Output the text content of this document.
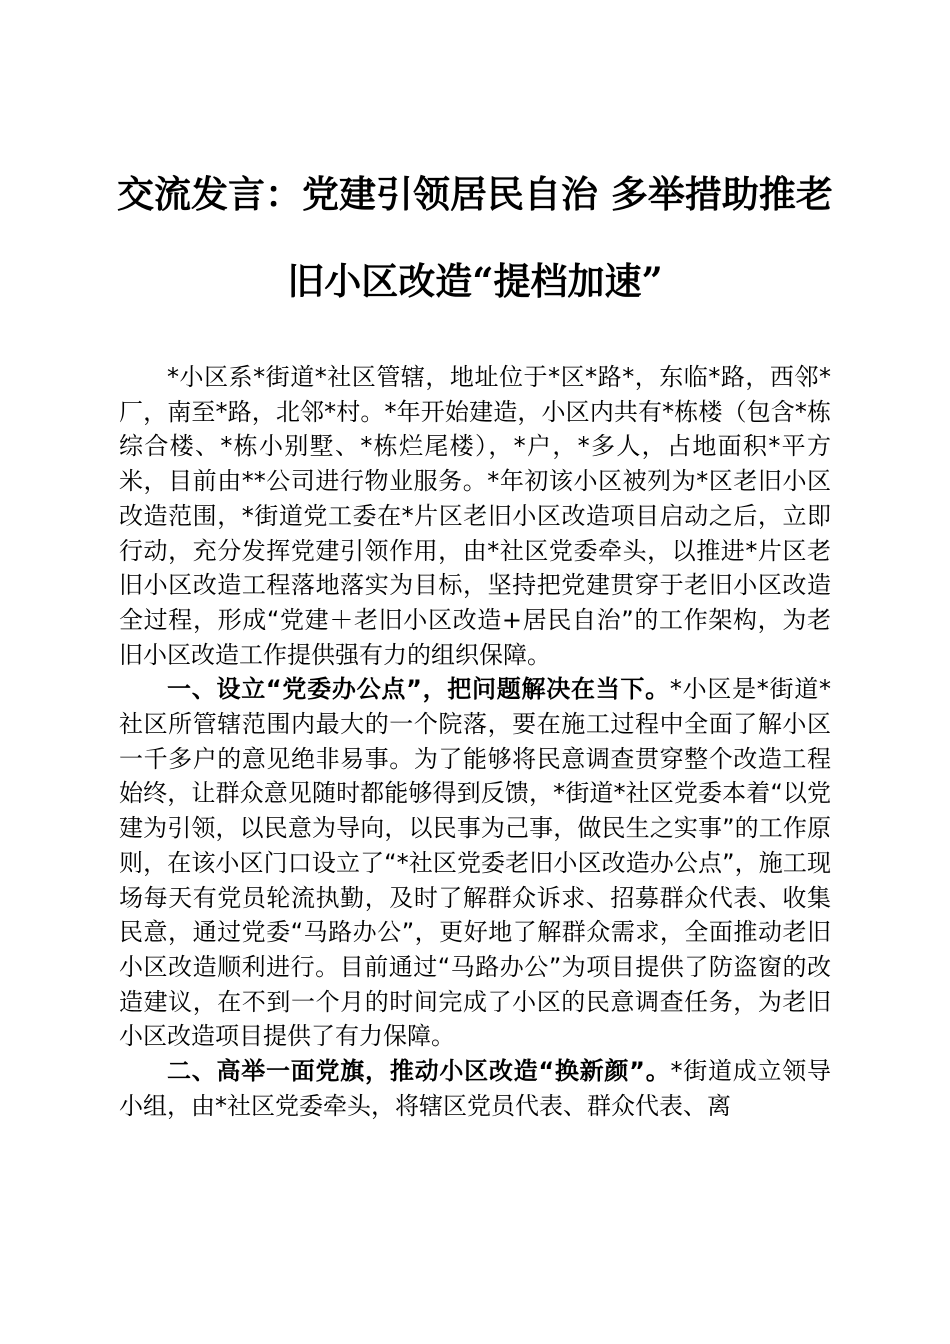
交流发言：党建引领居民自治 多举措助推老
旧小区改造“提档加速”

*小区系*街道*社区管辖，地址位于*区*路*，东临*路，西邻*厂，南至*路，北邻*村。*年开始建造，小区内共有*栋楼（包含*栋综合楼、*栋小别墅、*栋烂尾楼），*户，*多人，占地面积*平方米，目前由**公司进行物业服务。*年初该小区被列为*区老旧小区改造范围，*街道党工委在*片区老旧小区改造项目启动之后，立即行动，充分发挥党建引领作用，由*社区党委牵头，以推进*片区老旧小区改造工程落地落实为目标，坚持把党建贯穿于老旧小区改造全过程，形成“党建＋老旧小区改造+居民自治”的工作架构，为老旧小区改造工作提供强有力的组织保障。

一、设立“党委办公点”，把问题解决在当下。*小区是*街道*社区所管辖范围内最大的一个院落，要在施工过程中全面了解小区一千多户的意见绝非易事。为了能够将民意调查贯穿整个改造工程始终，让群众意见随时都能够得到反馈，*街道*社区党委本着“以党建为引领，以民意为导向，以民事为己事，做民生之实事”的工作原则，在该小区门口设立了“*社区党委老旧小区改造办公点”，施工现场每天有党员轮流执勤，及时了解群众诉求、招募群众代表、收集民意，通过党委“马路办公”，更好地了解群众需求，全面推动老旧小区改造顺利进行。目前通过“马路办公”为项目提供了防盗窗的改造建议，在不到一个月的时间完成了小区的民意调查任务，为老旧小区改造项目提供了有力保障。

二、高举一面党旗，推动小区改造“换新颜”。*街道成立领导小组，由*社区党委牵头，将辖区党员代表、群众代表、离
